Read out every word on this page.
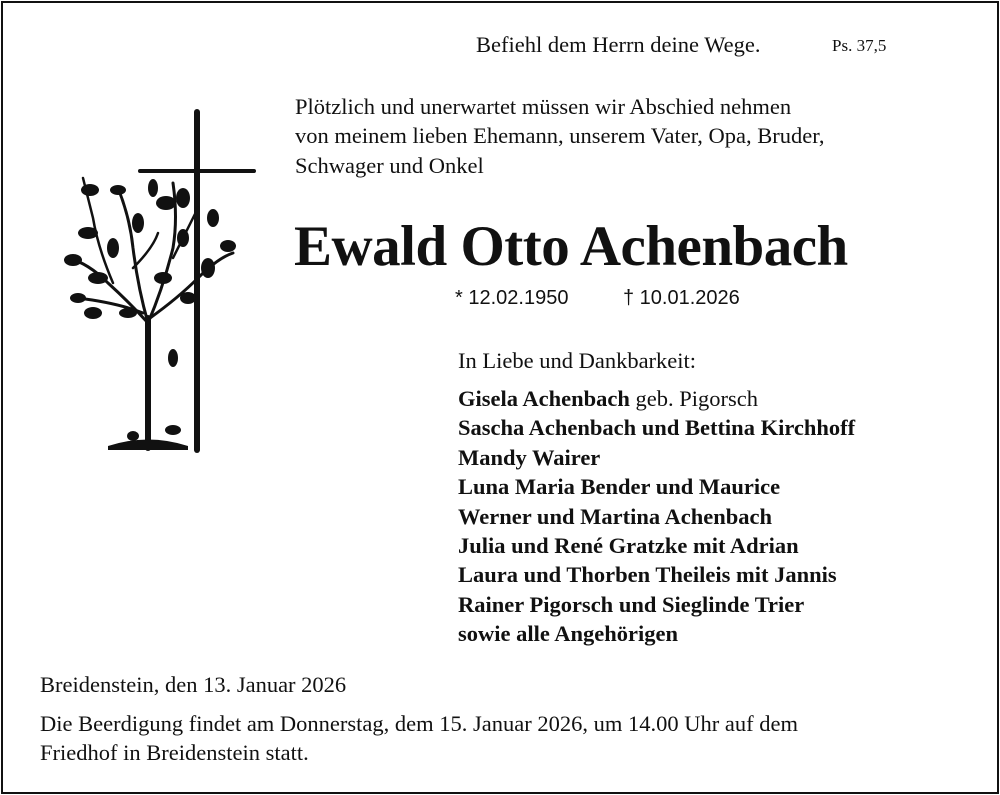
Befiehl dem Herrn deine Wege.	Ps. 37,5
Plötzlich und unerwartet müssen wir Abschied nehmen
von meinem lieben Ehemann, unserem Vater, Opa, Bruder,
Schwager und Onkel
Ewald Otto Achenbach
* 12.02.1950	† 10.01.2026
In Liebe und Dankbarkeit:
Gisela Achenbach geb. Pigorsch
Sascha Achenbach und Bettina Kirchhoff
Mandy Wairer
Luna Maria Bender und Maurice
Werner und Martina Achenbach
Julia und René Gratzke mit Adrian
Laura und Thorben Theileis mit Jannis
Rainer Pigorsch und Sieglinde Trier
sowie alle Angehörigen
Breidenstein, den 13. Januar 2026
Die Beerdigung findet am Donnerstag, dem 15. Januar 2026, um 14.00 Uhr auf dem
Friedhof in Breidenstein statt.
